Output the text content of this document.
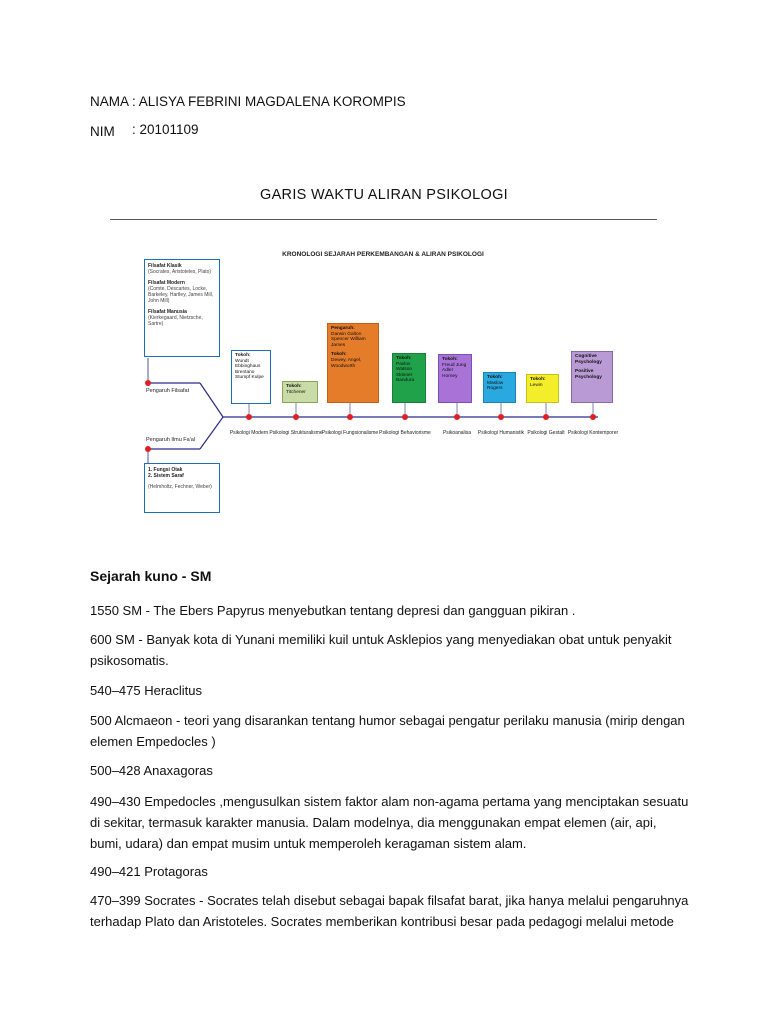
NAMA : ALISYA FEBRINI MAGDALENA KOROMPIS
NIM : 20101109
GARIS WAKTU ALIRAN PSIKOLOGI
KRONOLOGI SEJARAH PERKEMBANGAN & ALIRAN PSIKOLOGI
Filsafat Klasik
(Socrates, Aristoteles, Plato)
Filsafat Modern
(Comte, Descartes, Locke, Barkeley, Hartley, James Mill, John Mill)
Filsafat Manusia
(Kierkegaard, Nietzsche, Sartre)
Pengaruh Filsafat
Pengaruh Ilmu Fa'al
1. Fungsi Otak
2. Sistem Saraf
(Helmholtz, Fechner, Weber)
Psikologi Modern Psikologi Strukturalisme Psikologi Fungsionalisme Psikologi Behaviorisme	Psikoanalisa	Psikologi Humanistik Psikologi Gestalt Psikologi Kontemporer
Tokoh:
Wundt Ebbinghaus Brentano Stumpf Kulpe
Tokoh:
Titchener
Pengaruh:
Darwin Galton Spencer William James
Tokoh:
Dewey, Angel, Woodworth
Tokoh:
Pavlov Watson Skinner Bandura
Tokoh:
Freud Jung Adler Horney	Tokoh:
Maslow Rogers
Tokoh:
Lewin
Cognitive Psychology
Positive Psychology
Sejarah kuno - SM
1550 SM - The Ebers Papyrus menyebutkan tentang depresi dan gangguan pikiran .
600 SM - Banyak kota di Yunani memiliki kuil untuk Asklepios yang menyediakan obat untuk penyakit psikosomatis.
540–475 Heraclitus
500 Alcmaeon - teori yang disarankan tentang humor sebagai pengatur perilaku manusia (mirip dengan elemen Empedocles )
500–428 Anaxagoras
490–430 Empedocles ,mengusulkan sistem faktor alam non-agama pertama yang menciptakan sesuatu di sekitar, termasuk karakter manusia. Dalam modelnya, dia menggunakan empat elemen (air, api, bumi, udara) dan empat musim untuk memperoleh keragaman sistem alam.
490–421 Protagoras
470–399 Socrates - Socrates telah disebut sebagai bapak filsafat barat, jika hanya melalui pengaruhnya terhadap Plato dan Aristoteles. Socrates memberikan kontribusi besar pada pedagogi melalui metode
